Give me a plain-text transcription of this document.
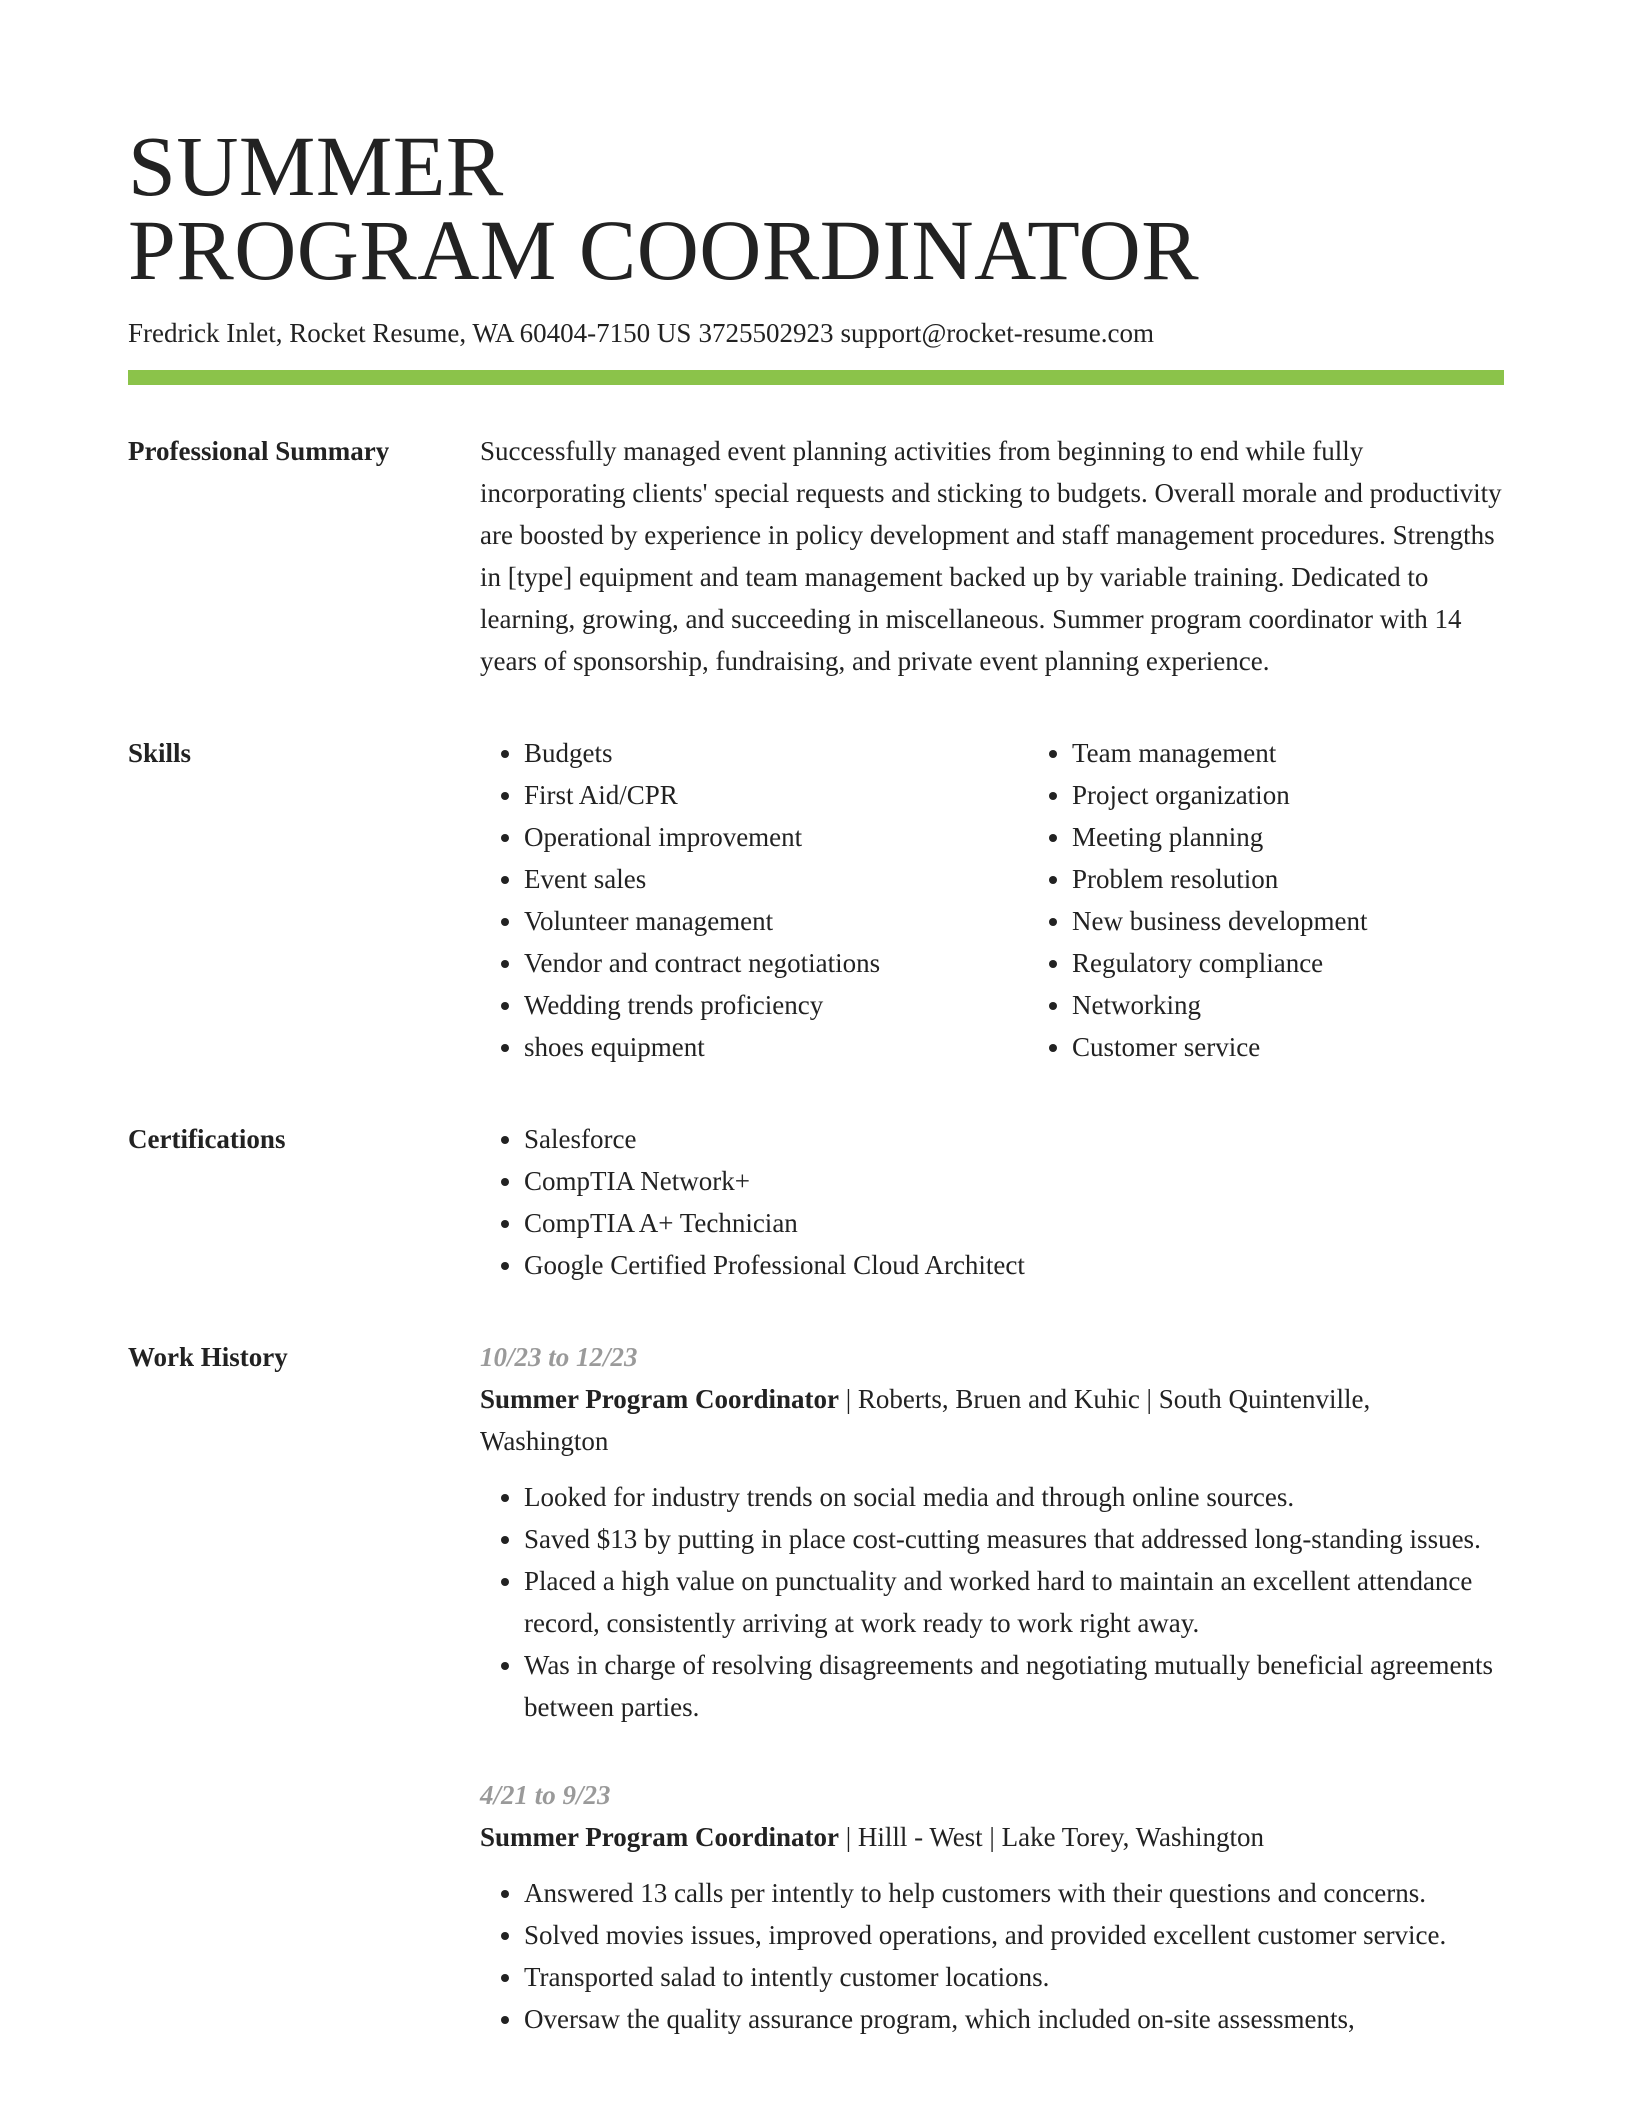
SUMMER
PROGRAM COORDINATOR
Fredrick Inlet, Rocket Resume, WA 60404-7150 US 3725502923 support@rocket-resume.com
Professional Summary	Successfully managed event planning activities from beginning to end while fully incorporating clients' special requests and sticking to budgets. Overall morale and productivity are boosted by experience in policy development and staff management procedures. Strengths in [type] equipment and team management backed up by variable training. Dedicated to learning, growing, and succeeding in miscellaneous. Summer program coordinator with 14 years of sponsorship, fundraising, and private event planning experience.

Skills	• Budgets
• First Aid/CPR
• Operational improvement
• Event sales
• Volunteer management
• Vendor and contract negotiations
• Wedding trends proficiency
• shoes equipment
• Team management
• Project organization
• Meeting planning
• Problem resolution
• New business development
• Regulatory compliance
• Networking
• Customer service
Certifications	• Salesforce
• CompTIA Network+
• CompTIA A+ Technician
• Google Certified Professional Cloud Architect
Work History	10/23 to 12/23
Summer Program Coordinator | Roberts, Bruen and Kuhic | South Quintenville, Washington
• Looked for industry trends on social media and through online sources.
• Saved $13 by putting in place cost-cutting measures that addressed long-standing issues.
• Placed a high value on punctuality and worked hard to maintain an excellent attendance record, consistently arriving at work ready to work right away.
• Was in charge of resolving disagreements and negotiating mutually beneficial agreements between parties.
4/21 to 9/23
Summer Program Coordinator | Hilll - West | Lake Torey, Washington
• Answered 13 calls per intently to help customers with their questions and concerns.
• Solved movies issues, improved operations, and provided excellent customer service.
• Transported salad to intently customer locations.
• Oversaw the quality assurance program, which included on-site assessments,
